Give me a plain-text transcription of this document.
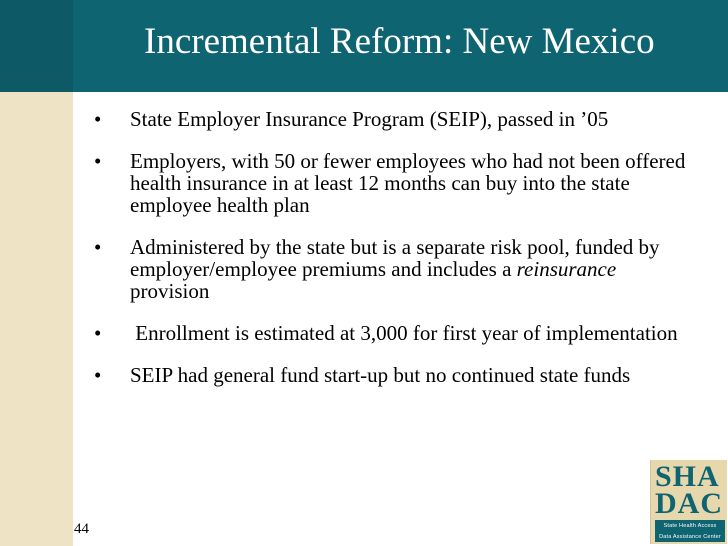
Incremental Reform: New Mexico
• State Employer Insurance Program (SEIP), passed in ’05
• Employers, with 50 or fewer employees who had not been offered health insurance in at least 12 months can buy into the state employee health plan
• Administered by the state but is a separate risk pool, funded by employer/employee premiums and includes a reinsurance provision
• Enrollment is estimated at 3,000 for first year of implementation
• SEIP had general fund start-up but no continued state funds
44
SHA
DAC
State Health Access
Data Assistance Center
